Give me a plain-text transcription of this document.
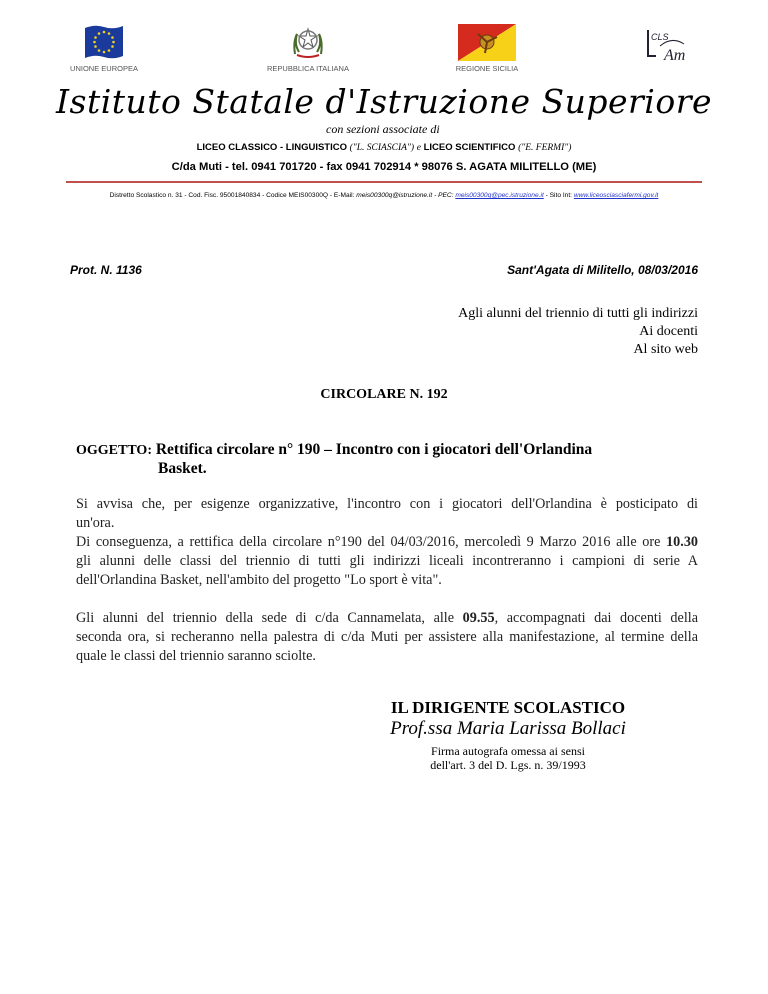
UNIONE EUROPEA	REPUBBLICA ITALIANA	REGIONE SICILIA
CLS
Am
Istituto Statale d'Istruzione Superiore
con sezioni associate di
LICEO CLASSICO - LINGUISTICO ("L. SCIASCIA") e LICEO SCIENTIFICO ("E. FERMI")
C/da Muti - tel. 0941 701720 - fax 0941 702914 * 98076 S. AGATA MILITELLO (ME)
Distretto Scolastico n. 31 - Cod. Fisc. 95001840834 - Codice MEIS00300Q - E-Mail: meis00300q@istruzione.it - PEC: meis00300q@pec.istruzione.it - Sito Int: www.liceosciasciafermi.gov.it
Prot. N. 1136	Sant'Agata di Militello, 08/03/2016
Agli alunni del triennio di tutti gli indirizzi
Ai docenti
Al sito web
CIRCOLARE N. 192
OGGETTO: Rettifica circolare n° 190 – Incontro con i giocatori dell'Orlandina
Basket.
Si avvisa che, per esigenze organizzative, l'incontro con i giocatori dell'Orlandina è posticipato di
un'ora.
Di conseguenza, a rettifica della circolare n°190 del 04/03/2016, mercoledì 9 Marzo 2016 alle ore 10.30
gli alunni delle classi del triennio di tutti gli indirizzi liceali incontreranno i campioni di serie A
dell'Orlandina Basket, nell'ambito del progetto "Lo sport è vita".
Gli alunni del triennio della sede di c/da Cannamelata, alle 09.55, accompagnati dai docenti della
seconda ora, si recheranno nella palestra di c/da Muti per assistere alla manifestazione, al termine della
quale le classi del triennio saranno sciolte.
IL DIRIGENTE SCOLASTICO
Prof.ssa Maria Larissa Bollaci
Firma autografa omessa ai sensi
dell'art. 3 del D. Lgs. n. 39/1993
